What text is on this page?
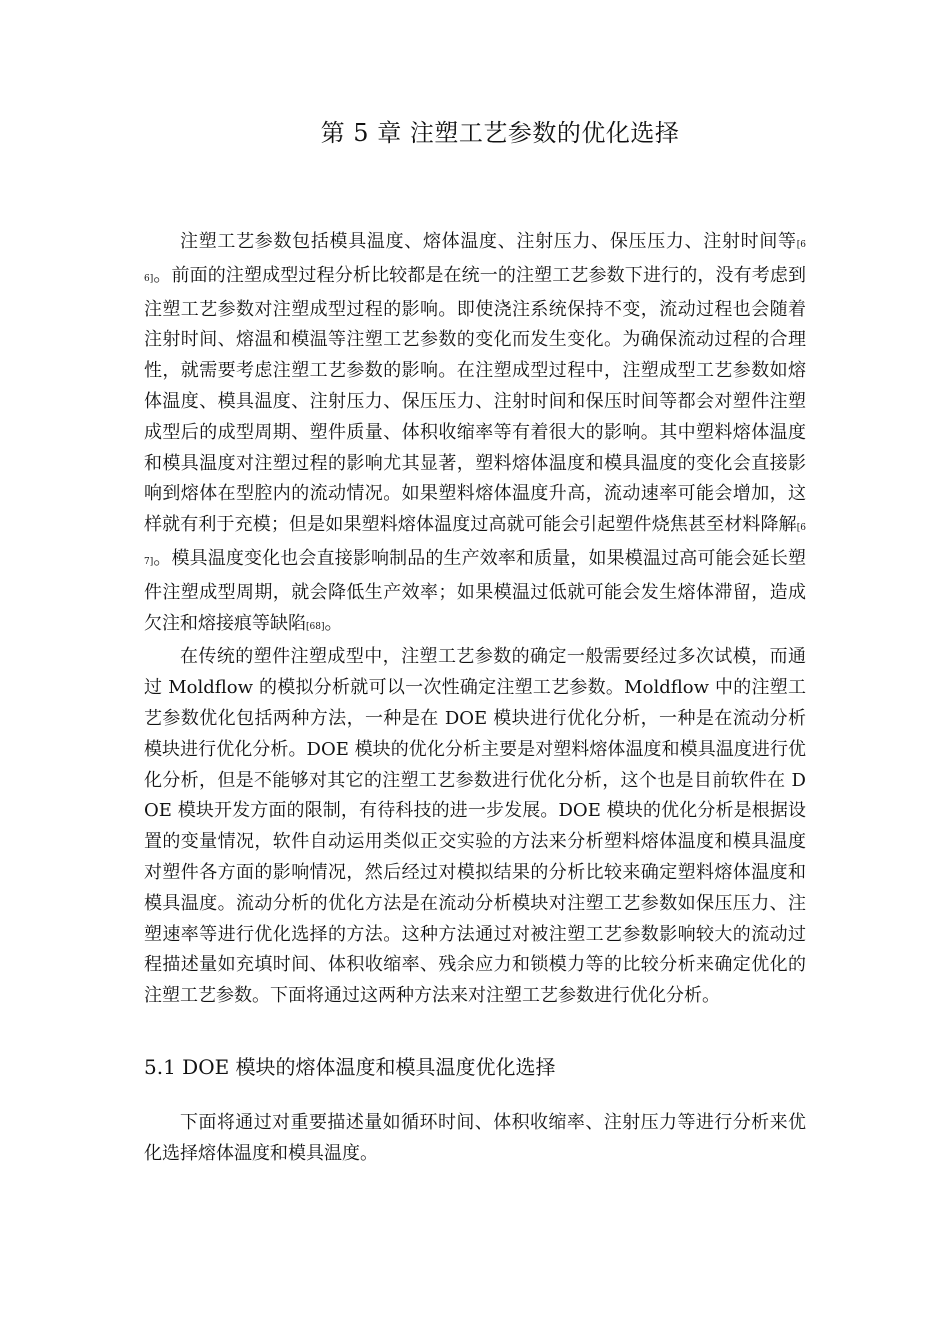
第 5 章 注塑工艺参数的优化选择

注塑工艺参数包括模具温度、熔体温度、注射压力、保压压力、注射时间等[66]。前面的注塑成型过程分析比较都是在统一的注塑工艺参数下进行的，没有考虑到注塑工艺参数对注塑成型过程的影响。即使浇注系统保持不变，流动过程也会随着注射时间、熔温和模温等注塑工艺参数的变化而发生变化。为确保流动过程的合理性，就需要考虑注塑工艺参数的影响。在注塑成型过程中，注塑成型工艺参数如熔体温度、模具温度、注射压力、保压压力、注射时间和保压时间等都会对塑件注塑成型后的成型周期、塑件质量、体积收缩率等有着很大的影响。其中塑料熔体温度和模具温度对注塑过程的影响尤其显著，塑料熔体温度和模具温度的变化会直接影响到熔体在型腔内的流动情况。如果塑料熔体温度升高，流动速率可能会增加，这样就有利于充模；但是如果塑料熔体温度过高就可能会引起塑件烧焦甚至材料降解[67]。模具温度变化也会直接影响制品的生产效率和质量，如果模温过高可能会延长塑件注塑成型周期，就会降低生产效率；如果模温过低就可能会发生熔体滞留，造成欠注和熔接痕等缺陷[68]。

在传统的塑件注塑成型中，注塑工艺参数的确定一般需要经过多次试模，而通过 Moldflow 的模拟分析就可以一次性确定注塑工艺参数。Moldflow 中的注塑工艺参数优化包括两种方法，一种是在 DOE 模块进行优化分析，一种是在流动分析模块进行优化分析。DOE 模块的优化分析主要是对塑料熔体温度和模具温度进行优化分析，但是不能够对其它的注塑工艺参数进行优化分析，这个也是目前软件在 DOE 模块开发方面的限制，有待科技的进一步发展。DOE 模块的优化分析是根据设置的变量情况，软件自动运用类似正交实验的方法来分析塑料熔体温度和模具温度对塑件各方面的影响情况，然后经过对模拟结果的分析比较来确定塑料熔体温度和模具温度。流动分析的优化方法是在流动分析模块对注塑工艺参数如保压压力、注塑速率等进行优化选择的方法。这种方法通过对被注塑工艺参数影响较大的流动过程描述量如充填时间、体积收缩率、残余应力和锁模力等的比较分析来确定优化的注塑工艺参数。下面将通过这两种方法来对注塑工艺参数进行优化分析。

5.1 DOE 模块的熔体温度和模具温度优化选择

下面将通过对重要描述量如循环时间、体积收缩率、注射压力等进行分析来优化选择熔体温度和模具温度。
